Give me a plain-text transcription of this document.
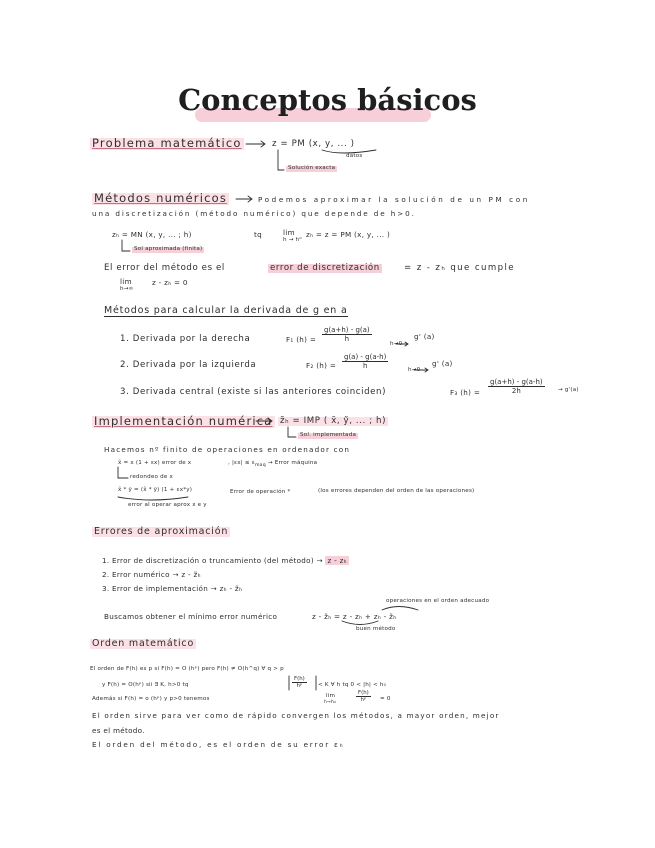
Conceptos básicos
Problema matemático	z = PM (x, y, ... )
datos
Solución exacta
Métodos numéricos	Podemos aproximar la solución de un PM con
una discretización (método numérico) que depende de h>0.
zₕ = MN (x, y, ... ; h)	tq	lim
h → h⁰
zₕ = z = PM (x, y, ... )
Sol aproximada (finita)
El error del método es el	error de discretización	= z - zₕ que cumple
lim
h→∞
z - zₕ = 0
Métodos para calcular la derivada de g en a
1. Derivada por la derecha	F₁ $(h) = \frac{g(a+h) - g(a)}{h}$
h→0
g' (a)
2. Derivada por la izquierda	F₂ $(h) = \frac{g(a) - g(a-h)}{h}$	h→0
g' (a)
3. Derivada central (existe si las anteriores coinciden)	F₃ $(h) = \frac{g(a+h) - g(a-h)}{2h} \to g'(a)$
Implementación numérica z̃ₕ = IMP ( x̃, ỹ, ... ; h)
Sol. implementada
Hacemos nº finito de operaciones en ordenador con
x̃ = x (1 + εx) error de x	, $|\varepsilon x| \le \varepsilon_{maq}$ → Error máquina
redondeo de x
x̃ * ỹ = (x̃ * ỹ) (1 + εx*y)	Error de operación *	(los errores dependen del orden de las operaciones)
error al operar aprox x e y
Errores de aproximación
1. Error de discretización o truncamiento (del método) → z - zₕ
2. Error numérico → z - z̃ₕ
3. Error de implementación → zₕ - z̃ₕ
operaciones en el orden adecuado
Buscamos obtener el mínimo error numérico	z - z̃ₕ = z - zₕ + zₕ - z̃ₕ
buen método
Orden matemático
El orden de F(h) es p si F(h) = O (hᵖ) pero F(h) ≠ O(h^q) ∀ q > p
y F(h) = O(hᵖ) sii ∃ K, h>0 tq	$\frac{F(h)}{\text{hᵖ}} < K$ ∀ h tq 0 < |h| < h₀
Además si F(h) = o (hᵖ) y p>0 tenemos	lim
h→h₀	$\frac{F(h)}{\text{hᵖ}} = 0$
El orden sirve para ver como de rápido convergen los métodos, a mayor orden, mejor
es el método.
El orden del método, es el orden de su error εₕ
